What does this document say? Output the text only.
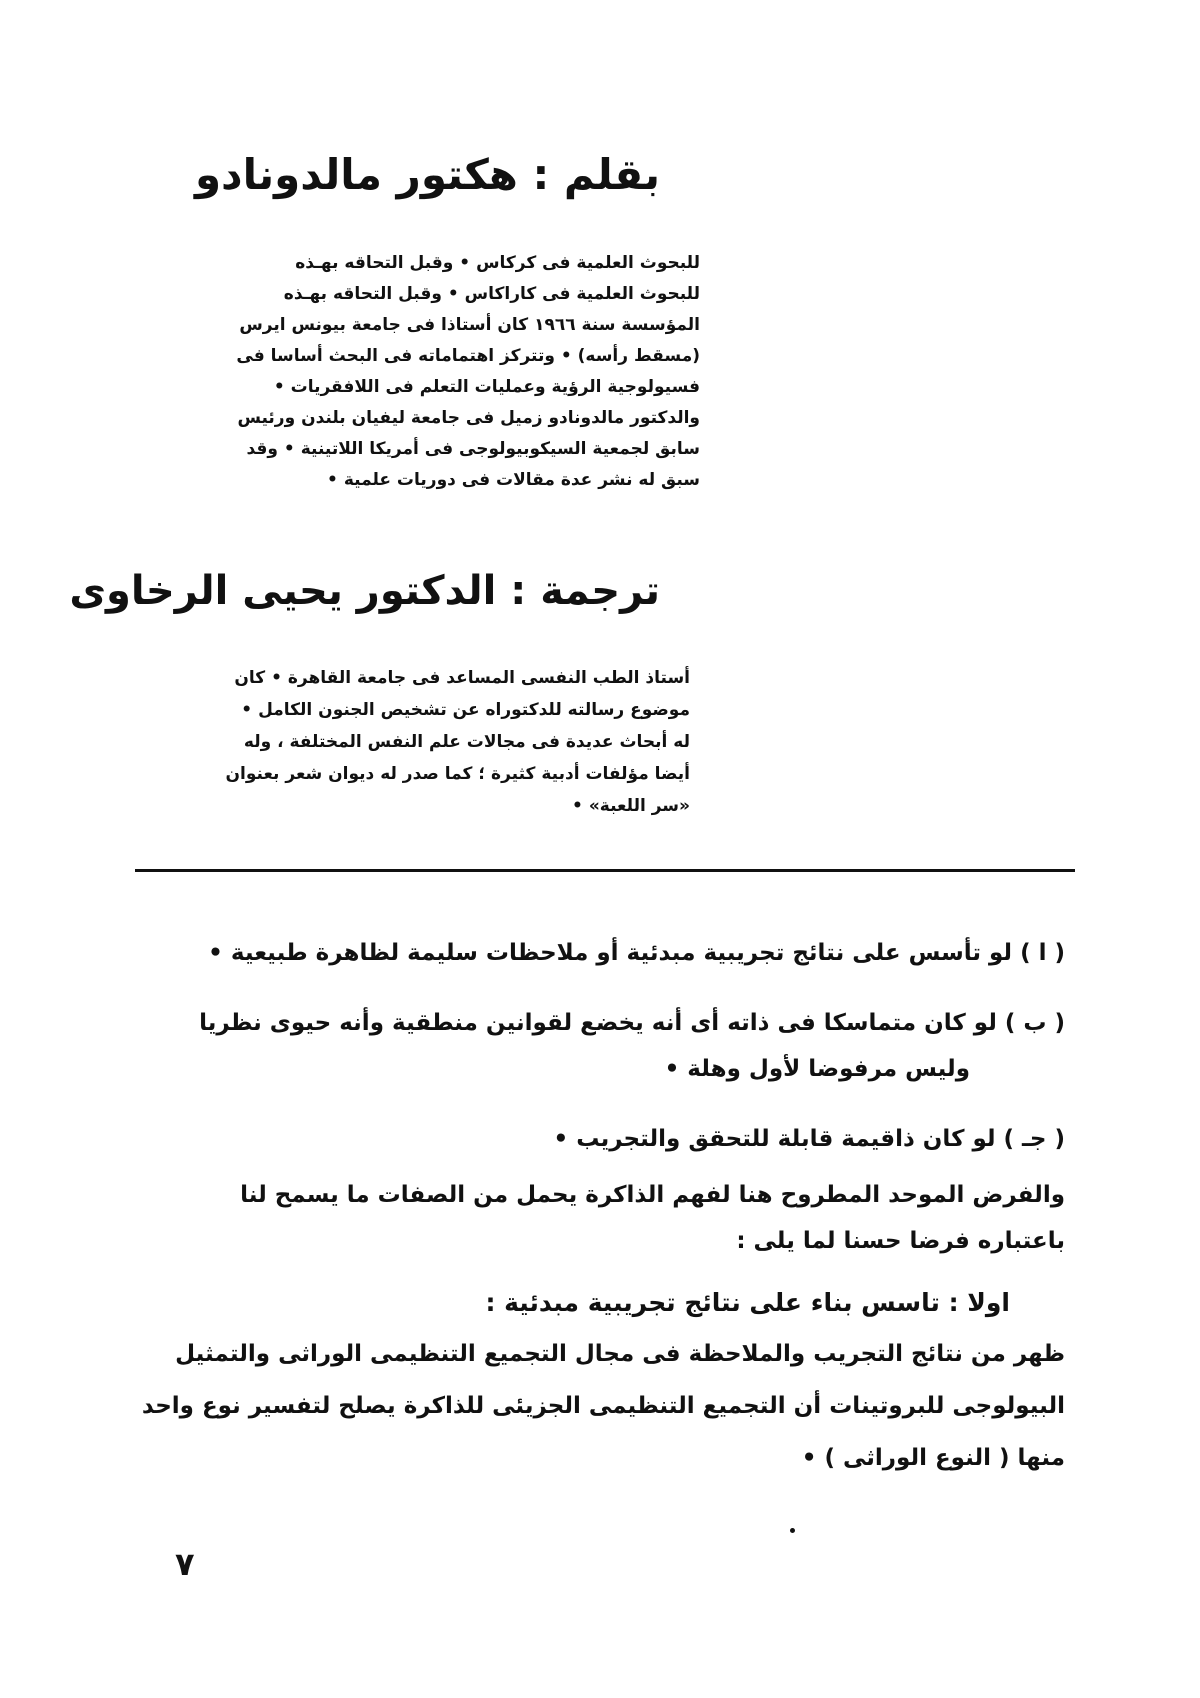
بقلم : هكتور مالدونادو
للبحوث العلمية فى كركاس • وقبل التحاقه بهـذه
للبحوث العلمية فى كاراكاس • وقبل التحاقه بهـذه
المؤسسة سنة ١٩٦٦ كان أستاذا فى جامعة بيونس ايرس
(مسقط رأسه) • وتتركز اهتماماته فى البحث أساسا فى
فسيولوجية الرؤية وعمليات التعلم فى اللافقريات •
والدكتور مالدونادو زميل فى جامعة ليفيان بلندن ورئيس
سابق لجمعية السيكوبيولوجى فى أمريكا اللاتينية • وقد
سبق له نشر عدة مقالات فى دوريات علمية •
ترجمة : الدكتور يحيى الرخاوى
أستاذ الطب النفسى المساعد فى جامعة القاهرة • كان
موضوع رسالته للدكتوراه عن تشخيص الجنون الكامل •
له أبحاث عديدة فى مجالات علم النفس المختلفة ، وله
أيضا مؤلفات أدبية كثيرة ؛ كما صدر له ديوان شعر بعنوان
«سر اللعبة» •
( ا ) لو تأسس على نتائج تجريبية مبدئية أو ملاحظات سليمة لظاهرة طبيعية •
( ب ) لو كان متماسكا فى ذاته أى أنه يخضع لقوانين منطقية وأنه حيوى نظريا
وليس مرفوضا لأول وهلة •
( جـ ) لو كان ذاقيمة قابلة للتحقق والتجريب •
والفرض الموحد المطروح هنا لفهم الذاكرة يحمل من الصفات ما يسمح لنا
باعتباره فرضا حسنا لما يلى :
اولا : تاسس بناء على نتائج تجريبية مبدئية :
ظهر من نتائج التجريب والملاحظة فى مجال التجميع التنظيمى الوراثى والتمثيل
البيولوجى للبروتينات أن التجميع التنظيمى الجزيئى للذاكرة يصلح لتفسير نوع واحد
منها ( النوع الوراثى ) •
٧
